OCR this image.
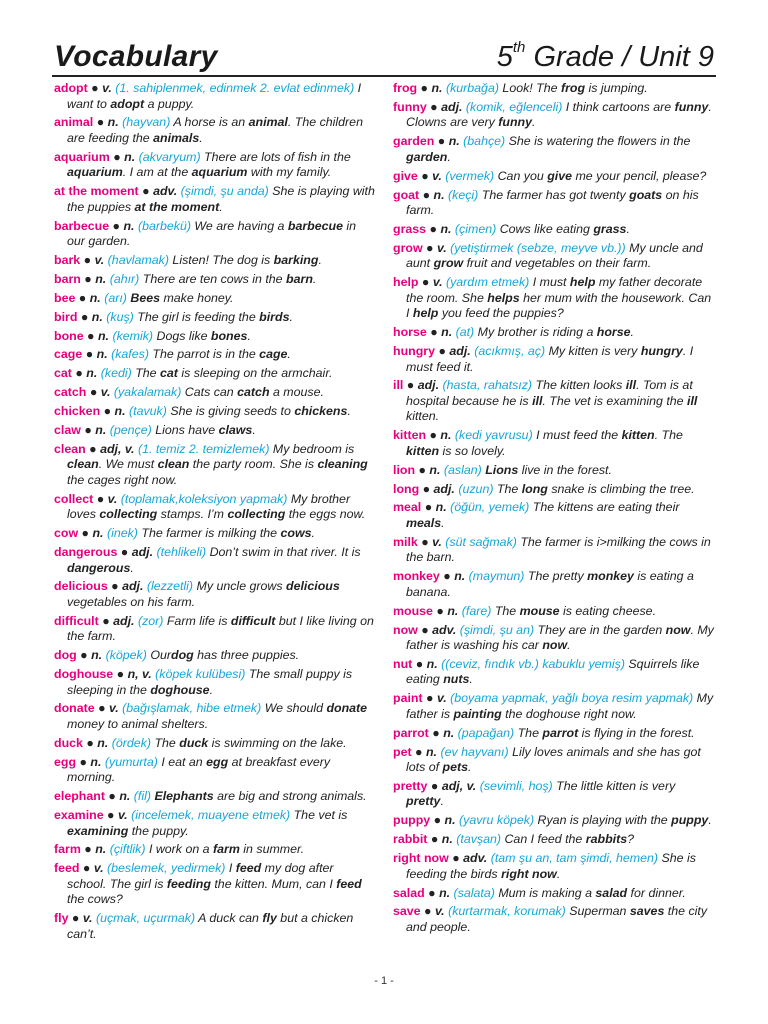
Vocabulary	5th Grade / Unit 9
adopt ● v. (1. sahiplenmek, edinmek 2. evlat edinmek) I want to adopt a puppy.
animal ● n. (hayvan) A horse is an animal. The children are feeding the animals.
aquarium ● n. (akvaryum) There are lots of fish in the aquarium. I am at the aquarium with my family.
at the moment ● adv. (şimdi, şu anda) She is playing with the puppies at the moment.
barbecue ● n. (barbekü) We are having a barbecue in our garden.
bark ● v. (havlamak) Listen! The dog is barking.
barn ● n. (ahır) There are ten cows in the barn.
bee ● n. (arı) Bees make honey.
bird ● n. (kuş) The girl is feeding the birds.
bone ● n. (kemik) Dogs like bones.
cage ● n. (kafes) The parrot is in the cage.
cat ● n. (kedi) The cat is sleeping on the armchair.
catch ● v. (yakalamak) Cats can catch a mouse.
chicken ● n. (tavuk) She is giving seeds to chickens.
claw ● n. (pençe) Lions have claws.
clean ● adj, v. (1. temiz 2. temizlemek) My bedroom is clean. We must clean the party room. She is cleaning the cages right now.
collect ● v. (toplamak,koleksiyon yapmak) My brother loves collecting stamps. I’m collecting the eggs now.
cow ● n. (inek) The farmer is milking the cows.
dangerous ● adj. (tehlikeli) Don’t swim in that river. It is dangerous.
delicious ● adj. (lezzetli) My uncle grows delicious vegetables on his farm.
difficult ● adj. (zor) Farm life is difficult but I like living on the farm.
dog ● n. (köpek) Ourdog has three puppies.
doghouse ● n, v. (köpek kulübesi) The small puppy is sleeping in the doghouse.
donate ● v. (bağışlamak, hibe etmek) We should donate money to animal shelters.
duck ● n. (ördek) The duck is swimming on the lake.
egg ● n. (yumurta) I eat an egg at breakfast every morning.
elephant ● n. (fil) Elephants are big and strong animals.
examine ● v. (incelemek, muayene etmek) The vet is examining the puppy.
farm ● n. (çiftlik) I work on a farm in summer.
feed ● v. (beslemek, yedirmek) I feed my dog after school. The girl is feeding the kitten. Mum, can I feed the cows?
fly ● v. (uçmak, uçurmak) A duck can fly but a chicken can’t.
frog ● n. (kurbağa) Look! The frog is jumping.
funny ● adj. (komik, eğlenceli) I think cartoons are funny. Clowns are very funny.
garden ● n. (bahçe) She is watering the flowers in the garden.
give ● v. (vermek) Can you give me your pencil, please?
goat ● n. (keçi) The farmer has got twenty goats on his farm.
grass ● n. (çimen) Cows like eating grass.
grow ● v. (yetiştirmek (sebze, meyve vb.)) My uncle and aunt grow fruit and vegetables on their farm.
help ● v. (yardım etmek) I must help my father decorate the room. She helps her mum with the housework. Can I help you feed the puppies?
horse ● n. (at) My brother is riding a horse.
hungry ● adj. (acıkmış, aç) My kitten is very hungry. I must feed it.
ill ● adj. (hasta, rahatsız) The kitten looks ill. Tom is at hospital because he is ill. The vet is examining the ill kitten.
kitten ● n. (kedi yavrusu) I must feed the kitten. The kitten is so lovely.
lion ● n. (aslan) Lions live in the forest.
long ● adj. (uzun) The long snake is climbing the tree.
meal ● n. (öğün, yemek) The kittens are eating their meals.
milk ● v. (süt sağmak) The farmer is i>milking the cows in the barn.
monkey ● n. (maymun) The pretty monkey is eating a banana.
mouse ● n. (fare) The mouse is eating cheese.
now ● adv. (şimdi, şu an) They are in the garden now. My father is washing his car now.
nut ● n. ((ceviz, fındık vb.) kabuklu yemiş) Squirrels like eating nuts.
paint ● v. (boyama yapmak, yağlı boya resim yapmak) My father is painting the doghouse right now.
parrot ● n. (papağan) The parrot is flying in the forest.
pet ● n. (ev hayvanı) Lily loves animals and she has got lots of pets.
pretty ● adj, v. (sevimli, hoş) The little kitten is very pretty.
puppy ● n. (yavru köpek) Ryan is playing with the puppy.
rabbit ● n. (tavşan) Can I feed the rabbits?
right now ● adv. (tam şu an, tam şimdi, hemen) She is feeding the birds right now.
salad ● n. (salata) Mum is making a salad for dinner.
save ● v. (kurtarmak, korumak) Superman saves the city and people.
- 1 -
